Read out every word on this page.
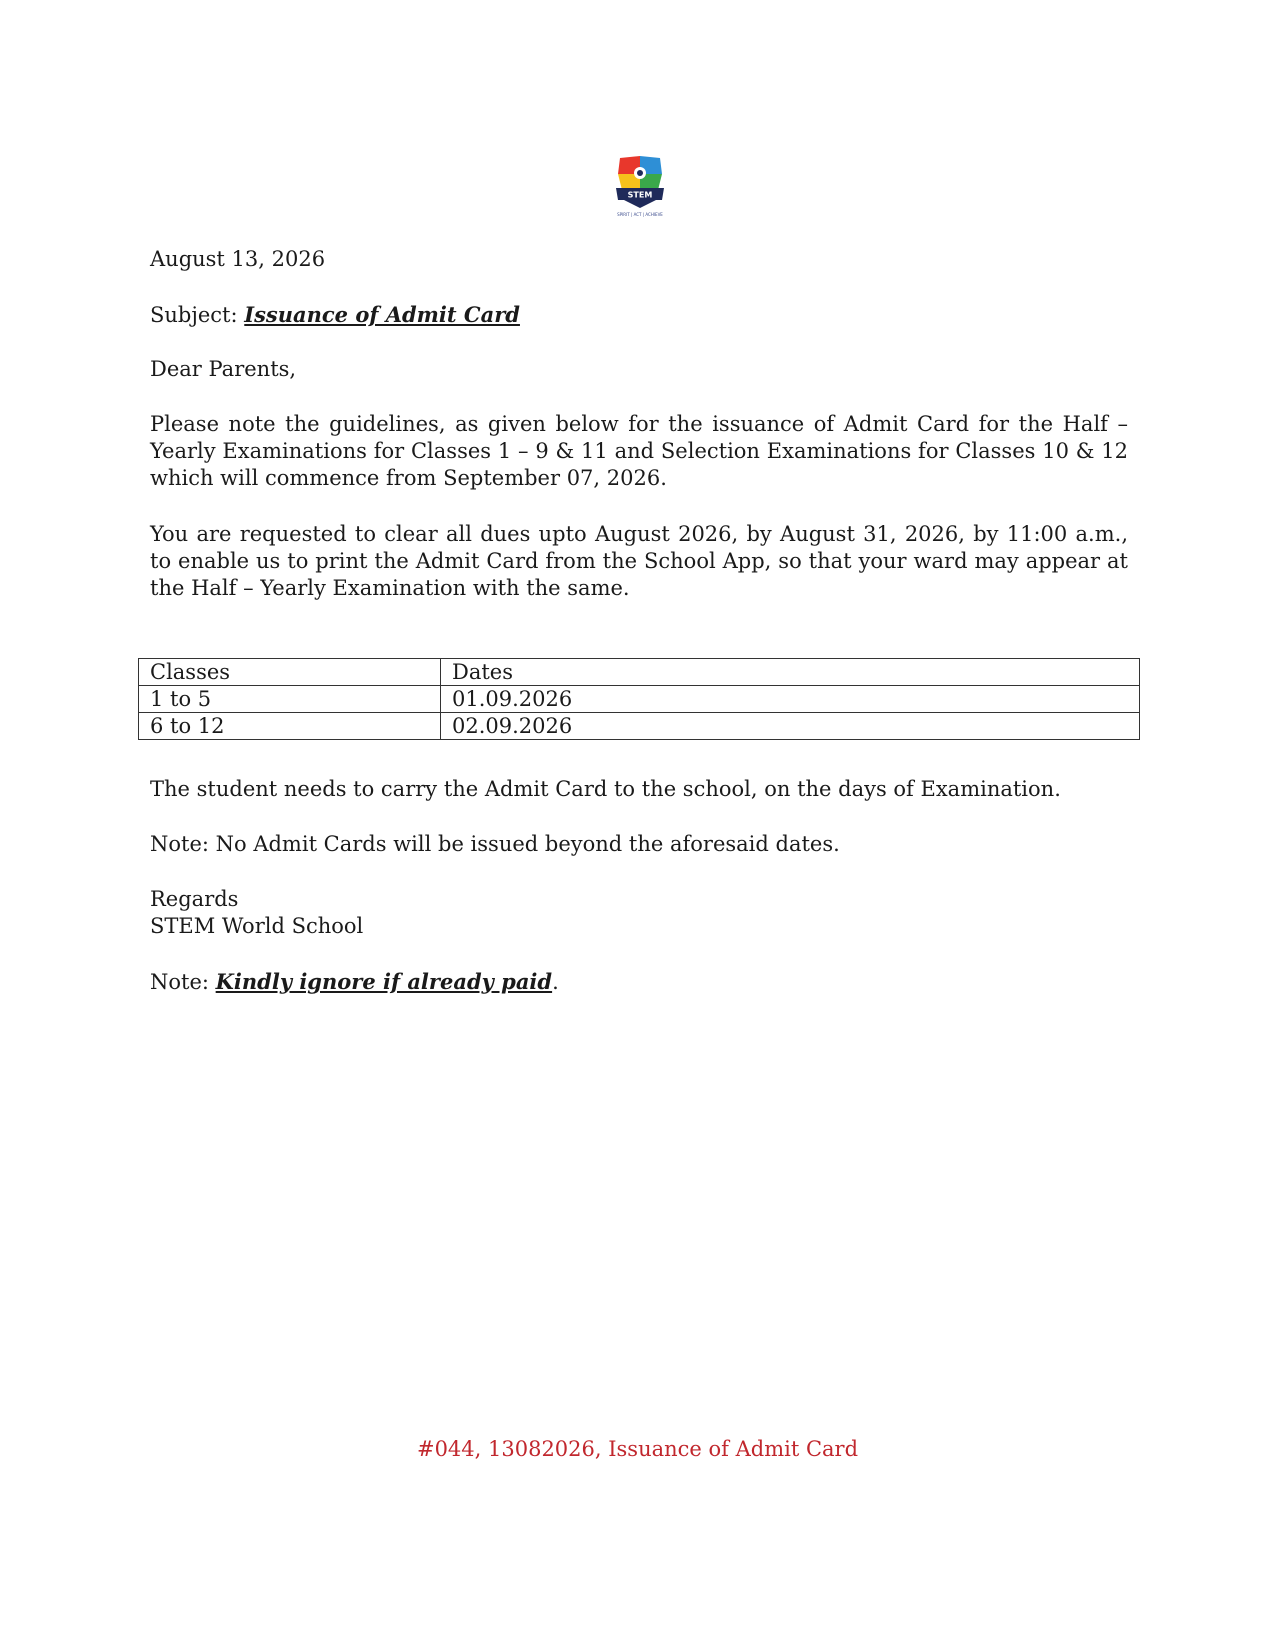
STEM
SPIRIT | ACT | ACHIEVE

August 13, 2026

Subject: Issuance of Admit Card

Dear Parents,

Please note the guidelines, as given below for the issuance of Admit Card for the Half – Yearly Examinations for Classes 1 – 9 & 11 and Selection Examinations for Classes 10 & 12 which will commence from September 07, 2026.

You are requested to clear all dues upto August 2026, by August 31, 2026, by 11:00 a.m., to enable us to print the Admit Card from the School App, so that your ward may appear at the Half – Yearly Examination with the same.

Classes	Dates
1 to 5	01.09.2026
6 to 12	02.09.2026

The student needs to carry the Admit Card to the school, on the days of Examination.

Note: No Admit Cards will be issued beyond the aforesaid dates.

Regards
STEM World School

Note: Kindly ignore if already paid.

#044, 13082026, Issuance of Admit Card
